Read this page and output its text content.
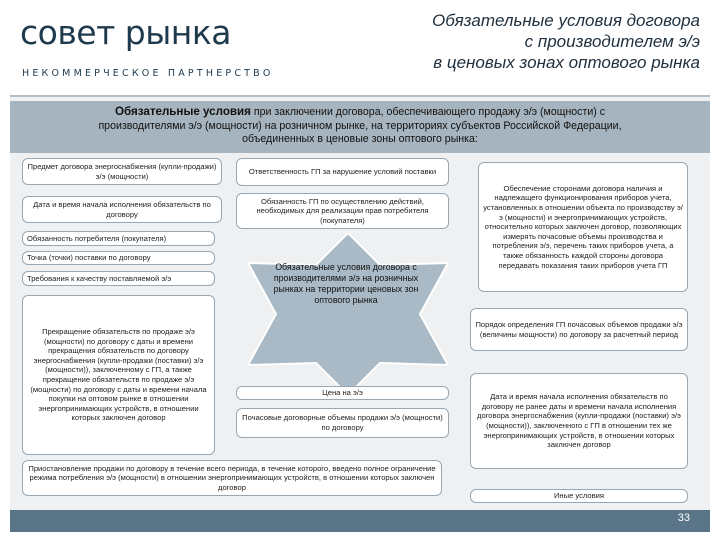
совет рынка
НЕКОММЕРЧЕСКОЕ ПАРТНЕРСТВО
Обязательные условия договора
с производителем э/э
в ценовых зонах оптового рынка
Обязательные условия при заключении договора, обеспечивающего продажу э/э (мощности) с
производителями э/э (мощности) на розничном рынке, на территориях субъектов Российской Федерации,
объединенных в ценовые зоны оптового рынка:
Предмет договора энергоснабжения (купли-продажи) э/э (мощности)
Дата и время начала исполнения обязательств по договору
Обязанность потребителя (покупателя)
Точка (точки) поставки по договору
Требования к качеству поставляемой э/э
Прекращение обязательств по продаже э/э (мощности) по договору с даты и времени прекращения обязательств по договору энергоснабжения (купли-продажи (поставки) э/э (мощности)), заключенному с ГП, а также прекращение обязательств по продаже э/э (мощности) по договору с даты и времени начала покупки на оптовом рынке в отношении энергопринимающих устройств, в отношении которых заключен договор
Ответственность ГП за нарушение условий поставки
Обязанность ГП по осуществлению действий, необходимых для реализации прав потребителя (покупателя)
Обязательные условия договора с производителями э/э на розничных рынках на территории ценовых зон оптового рынка
Цена на э/э
Почасовые договорные объемы продажи э/э (мощности) по договору
Обеспечение сторонами договора наличия и надлежащего функционирования приборов учета, установленных в отношении объекта по производству э/э (мощности) и энергопринимающих устройств, относительно которых заключен договор, позволяющих измерять почасовые объемы производства и потребления э/э, перечень таких приборов учета, а также обязанность каждой стороны договора передавать показания таких приборов учета ГП
Порядок определения ГП почасовых объемов продажи э/э (величины мощности) по договору за расчетный период
Дата и время начала исполнения обязательств по договору не ранее даты и времени начала исполнения договора энергоснабжения (купли-продажи (поставки) э/э (мощности)), заключенного с ГП в отношении тех же энергопринимающих устройств, в отношении которых заключен договор
Иные условия
Приостановление продажи по договору в течение всего периода, в течение которого, введено полное ограничение режима потребления э/э (мощности) в отношении энергопринимающих устройств, в отношении которых заключен договор
33
